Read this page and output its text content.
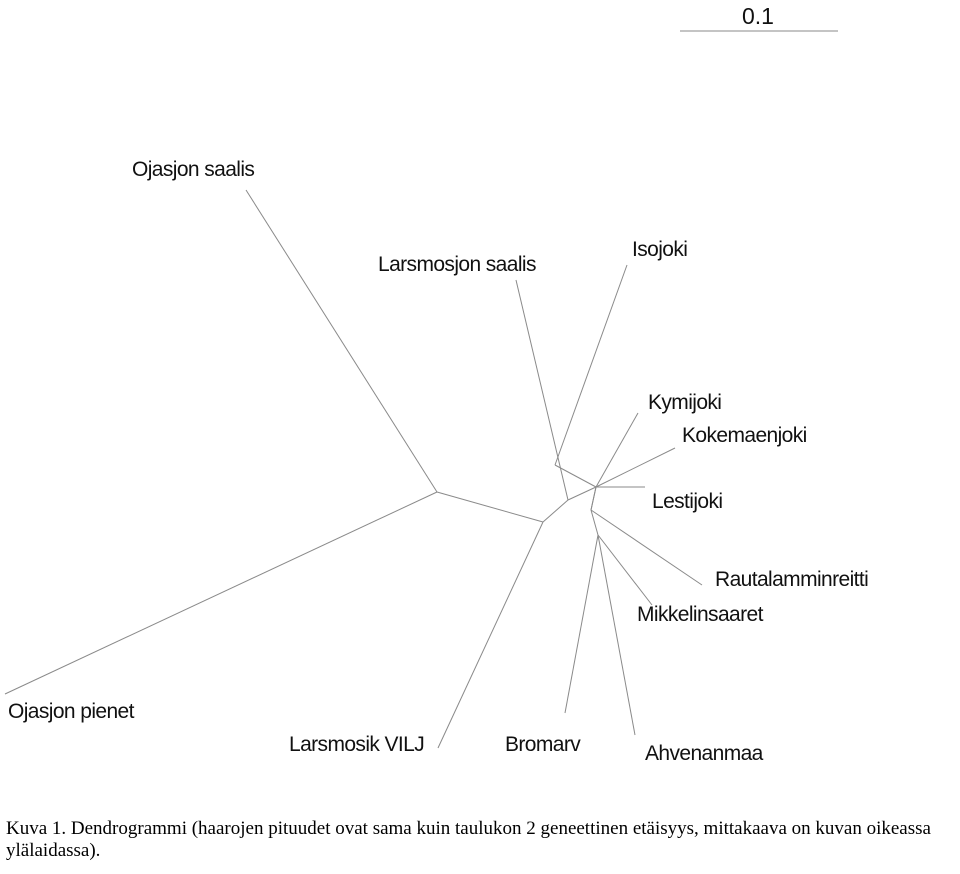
0.1
Ojasjon saalis
Larsmosjon saalis
Isojoki
Kymijoki
Kokemaenjoki
Lestijoki
Rautalamminreitti
Mikkelinsaaret
Ojasjon pienet
Larsmosik VILJ	Bromarv	Ahvenanmaa
Kuva 1. Dendrogrammi (haarojen pituudet ovat sama kuin taulukon 2 geneettinen etäisyys, mittakaava on kuvan oikeassa ylälaidassa).
